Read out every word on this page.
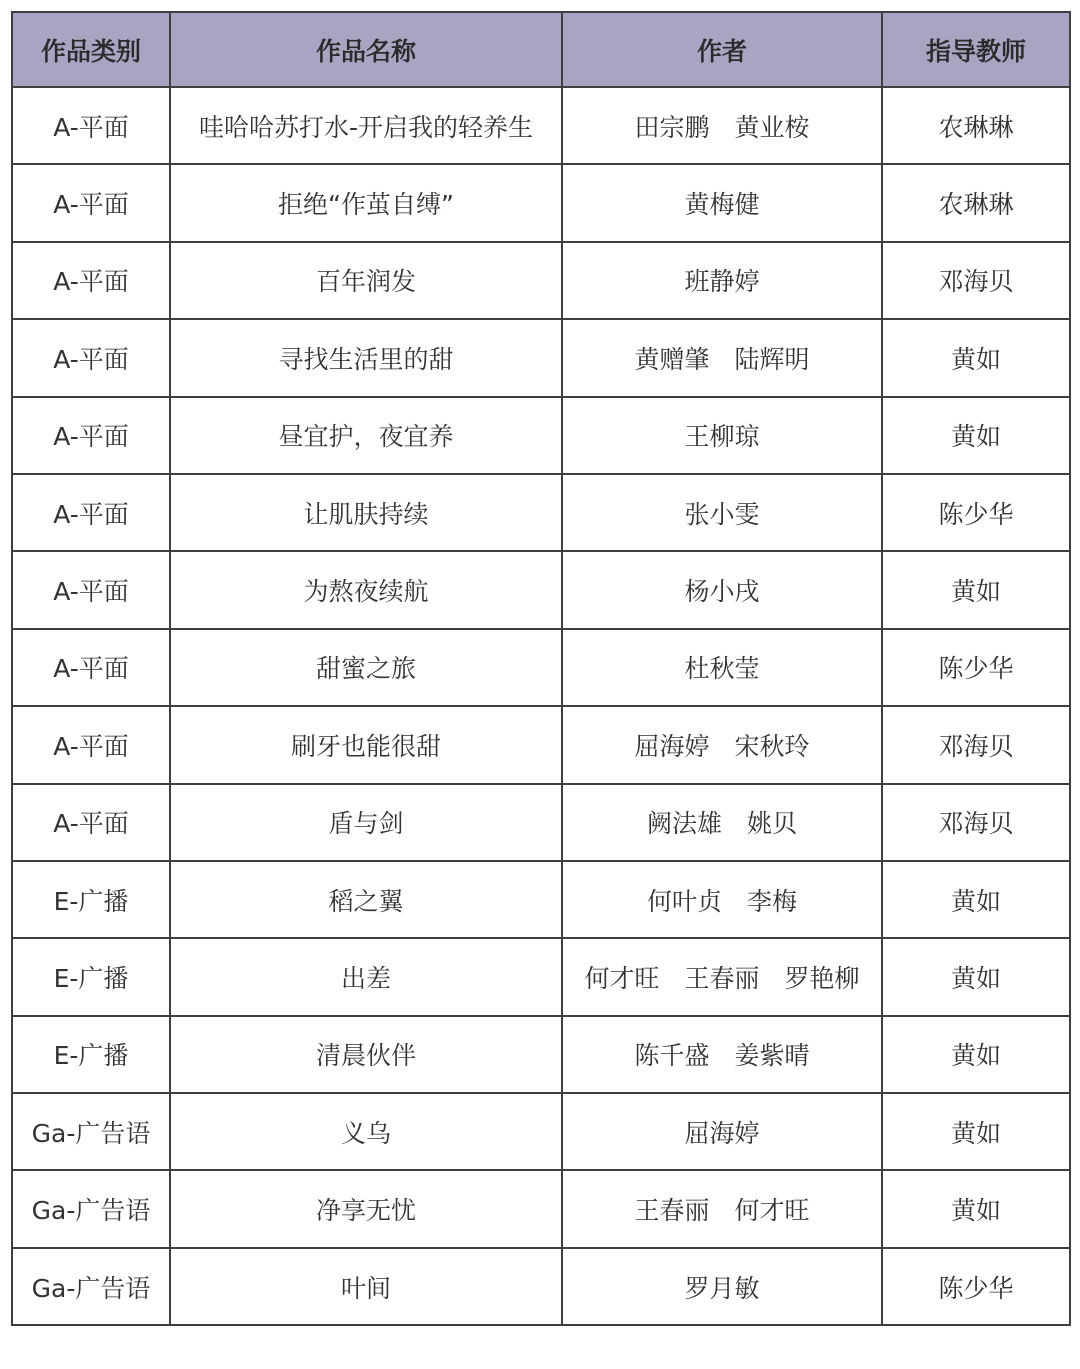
作品类别	作品名称	作者	指导教师
A-平面	哇哈哈苏打水-开启我的轻养生	田宗鹏　黄业桉	农琳琳
A-平面	拒绝“作茧自缚”	黄梅健	农琳琳
A-平面	百年润发	班静婷	邓海贝
A-平面	寻找生活里的甜	黄赠肇　陆辉明	黄如
A-平面	昼宜护，夜宜养	王柳琼	黄如
A-平面	让肌肤持续	张小雯	陈少华
A-平面	为熬夜续航	杨小戌	黄如
A-平面	甜蜜之旅	杜秋莹	陈少华
A-平面	刷牙也能很甜	屈海婷　宋秋玲	邓海贝
A-平面	盾与剑	阙法雄　姚贝	邓海贝
E-广播	稻之翼	何叶贞　李梅	黄如
E-广播	出差	何才旺　王春丽　罗艳柳	黄如
E-广播	清晨伙伴	陈千盛　姜紫晴	黄如
Ga-广告语	义乌	屈海婷	黄如
Ga-广告语	净享无忧	王春丽　何才旺	黄如
Ga-广告语	叶间	罗月敏	陈少华
